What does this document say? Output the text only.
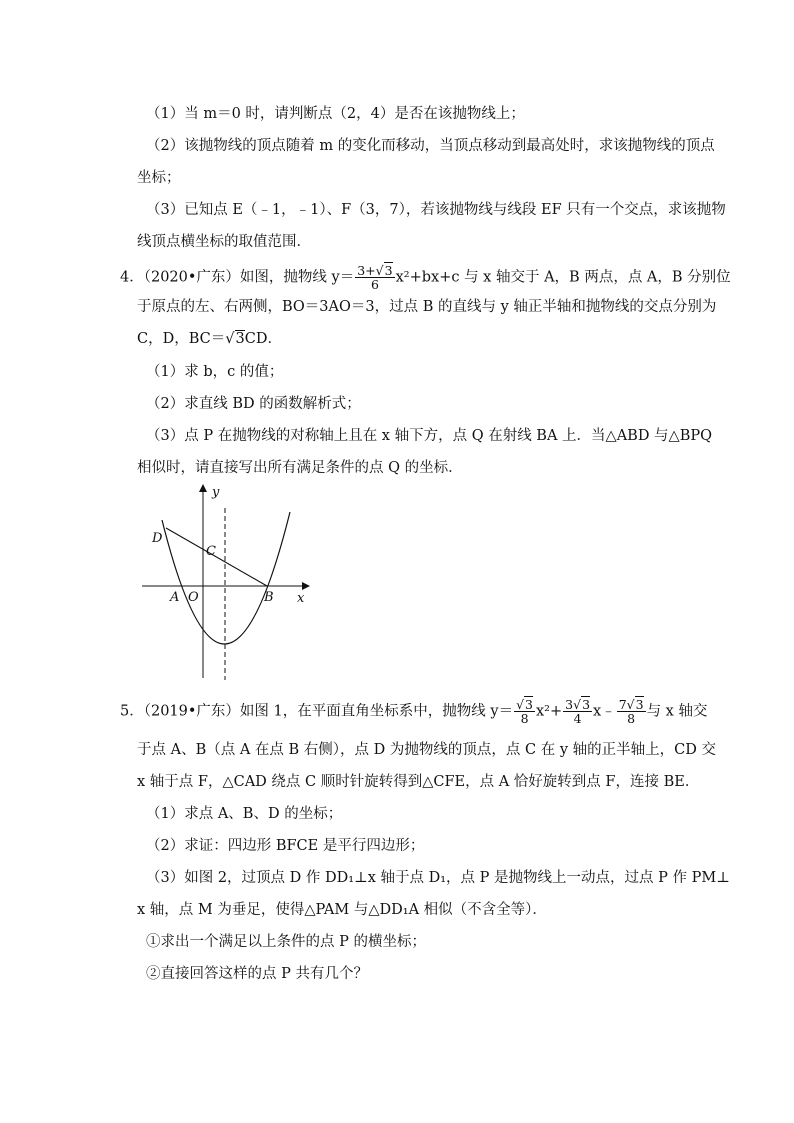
（1）当 m＝0 时，请判断点（2，4）是否在该抛物线上；
（2）该抛物线的顶点随着 m 的变化而移动，当顶点移动到最高处时，求该抛物线的顶点
坐标；
（3）已知点 E（﹣1，﹣1）、F（3，7），若该抛物线与线段 EF 只有一个交点，求该抛物
线顶点横坐标的取值范围．
4．（2020•广东）如图，抛物线 $y= \frac{3+√3}{6} x^2+bx+c$ 与 x 轴交于 A，B 两点，点 A，B 分别位
于原点的左、右两侧，BO＝3AO＝3，过点 B 的直线与 y 轴正半轴和抛物线的交点分别为
C，D，BC＝√3CD．
（1）求 b，c 的值；
（2）求直线 BD 的函数解析式；
（3）点 P 在抛物线的对称轴上且在 x 轴下方，点 Q 在射线 BA 上．当△ABD 与△BPQ
相似时，请直接写出所有满足条件的点 Q 的坐标．
y
x
D
C
A O	B
5．（2019•广东）如图 1，在平面直角坐标系中，抛物线 $y= \frac{√3}{8} x^2+ \frac{3√3}{4}$ x﹣ $\frac{7√3}{8}$ 与 x 轴交
于点 A、B（点 A 在点 B 右侧），点 D 为抛物线的顶点，点 C 在 y 轴的正半轴上，CD 交
x 轴于点 F，△CAD 绕点 C 顺时针旋转得到△CFE，点 A 恰好旋转到点 F，连接 BE．
（1）求点 A、B、D 的坐标；
（2）求证：四边形 BFCE 是平行四边形；
（3）如图 2，过顶点 D 作 DD₁⊥x 轴于点 D₁，点 P 是抛物线上一动点，过点 P 作 PM⊥
x 轴，点 M 为垂足，使得△PAM 与△DD₁A 相似（不含全等）．
①求出一个满足以上条件的点 P 的横坐标；
②直接回答这样的点 P 共有几个？
